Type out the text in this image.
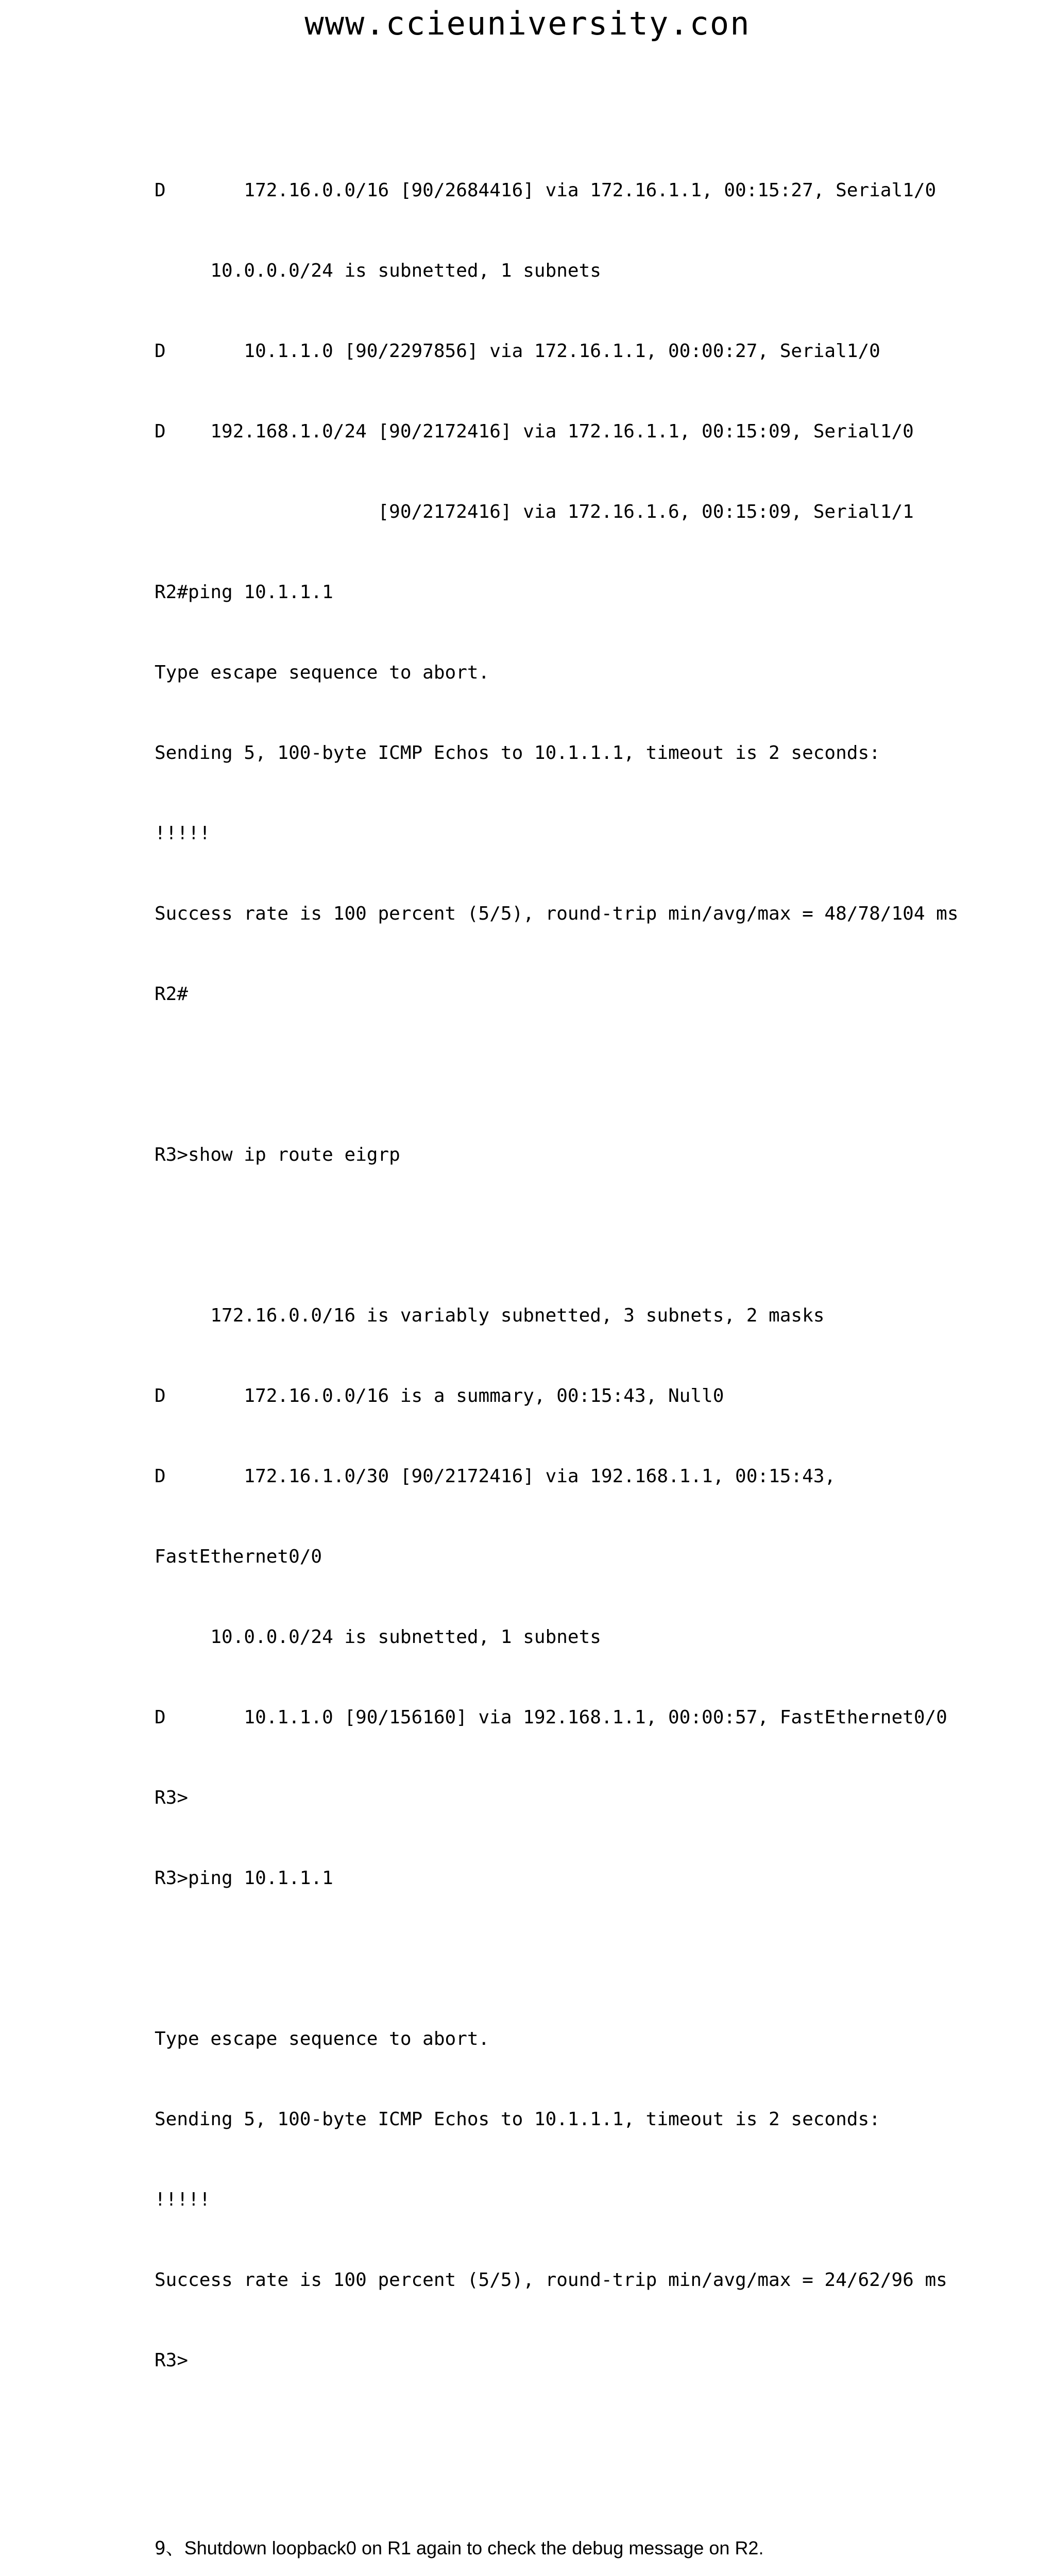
www.ccieuniversity.con

D       172.16.0.0/16 [90/2684416] via 172.16.1.1, 00:15:27, Serial1/0

10.0.0.0/24 is subnetted, 1 subnets

D       10.1.1.0 [90/2297856] via 172.16.1.1, 00:00:27, Serial1/0

D    192.168.1.0/24 [90/2172416] via 172.16.1.1, 00:15:09, Serial1/0

[90/2172416] via 172.16.1.6, 00:15:09, Serial1/1

R2#ping 10.1.1.1

Type escape sequence to abort.

Sending 5, 100-byte ICMP Echos to 10.1.1.1, timeout is 2 seconds:

!!!!!

Success rate is 100 percent (5/5), round-trip min/avg/max = 48/78/104 ms

R2#

R3>show ip route eigrp

172.16.0.0/16 is variably subnetted, 3 subnets, 2 masks

D       172.16.0.0/16 is a summary, 00:15:43, Null0

D       172.16.1.0/30 [90/2172416] via 192.168.1.1, 00:15:43,

FastEthernet0/0

10.0.0.0/24 is subnetted, 1 subnets

D       10.1.1.0 [90/156160] via 192.168.1.1, 00:00:57, FastEthernet0/0

R3>

R3>ping 10.1.1.1

Type escape sequence to abort.

Sending 5, 100-byte ICMP Echos to 10.1.1.1, timeout is 2 seconds:

!!!!!

Success rate is 100 percent (5/5), round-trip min/avg/max = 24/62/96 ms

R3>

9、Shutdown loopback0 on R1 again to check the debug message on R2.
